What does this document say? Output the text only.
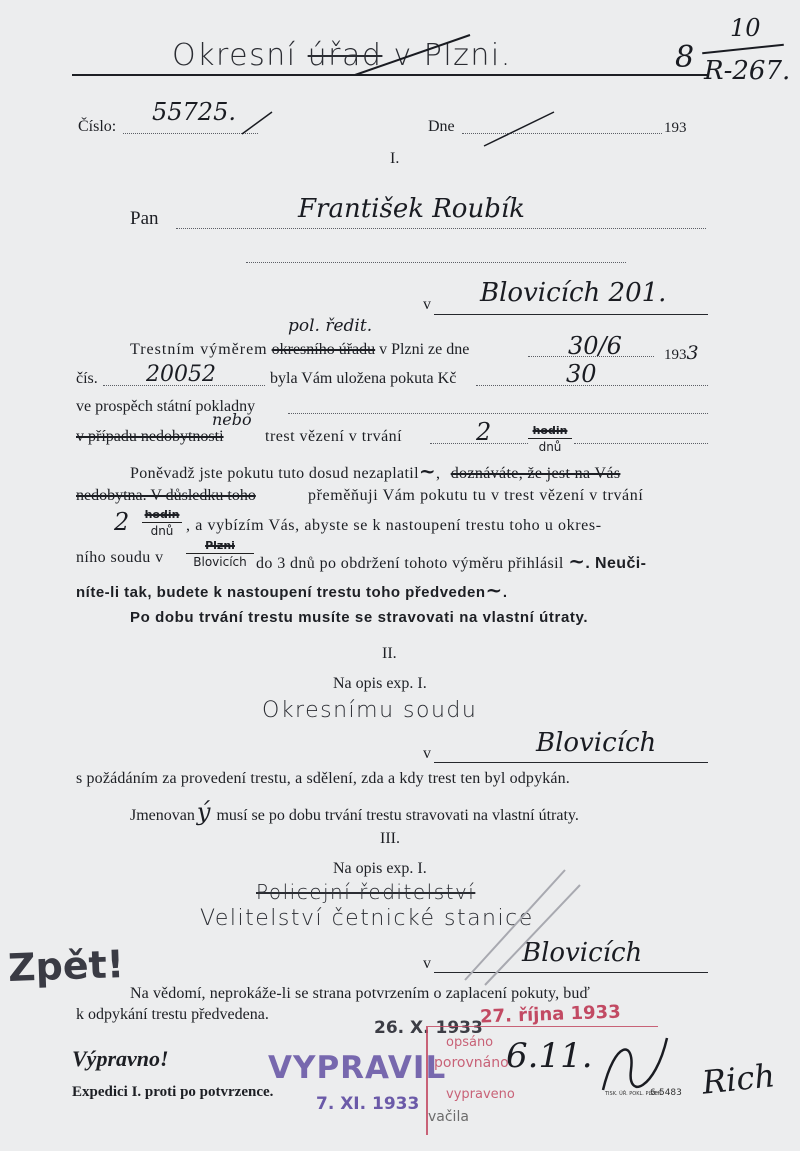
Okresní úřad v Plzni.	8
10
R-267.
Číslo:
55725.
Dne	193
I.
Pan	František Roubík
v Blovicích 201.
pol. ředit.
Trestním výměrem okresního úřadu v Plzni ze dne	30/6	1933
čís. 20052	byla Vám uložena pokuta Kč	30
ve prospěch státní pokladny
nebo
v případu nedobytnosti	trest vězení v trvání	2	hodin
dnů
Poněvadž jste pokutu tuto dosud nezaplatil~, doznáváte, že jest na Vás
nedobytna. V důsledku toho	přeměňuji Vám pokutu tu v trest vězení v trvání
2 hodin
dnů , a vybízím Vás, abyste se k nastoupení trestu toho u okres-
ního soudu v
Plzni
Blovicích do 3 dnů po obdržení tohoto výměru přihlásil ~. Neuči-
níte-li tak, budete k nastoupení trestu toho předveden~.
Po dobu trvání trestu musíte se stravovati na vlastní útraty.
II.
Na opis exp. I.
Okresnímu soudu
v	Blovicích
s požádáním za provedení trestu, a sdělení, zda a kdy trest ten byl odpykán.
Jmenovaný musí se po dobu trvání trestu stravovati na vlastní útraty.
III.
Na opis exp. I.
Policejní ředitelství
Velitelství četnické stanice
v	Blovicích
Na vědomí, neprokáže-li se strana potvrzením o zaplacení pokuty, buď
k odpykání trestu předvedena.
Zpět!
26. X. 1933
27. října 1933
opsáno
porovnáno
vypraveno
vačila
6.11.
VYPRAVIL
7. XI. 1933
Výpravno!
Expedici I. proti po potvrzence.	TISK. ÚŘ. POKL. PLZEŇ
6-5483 Rich
